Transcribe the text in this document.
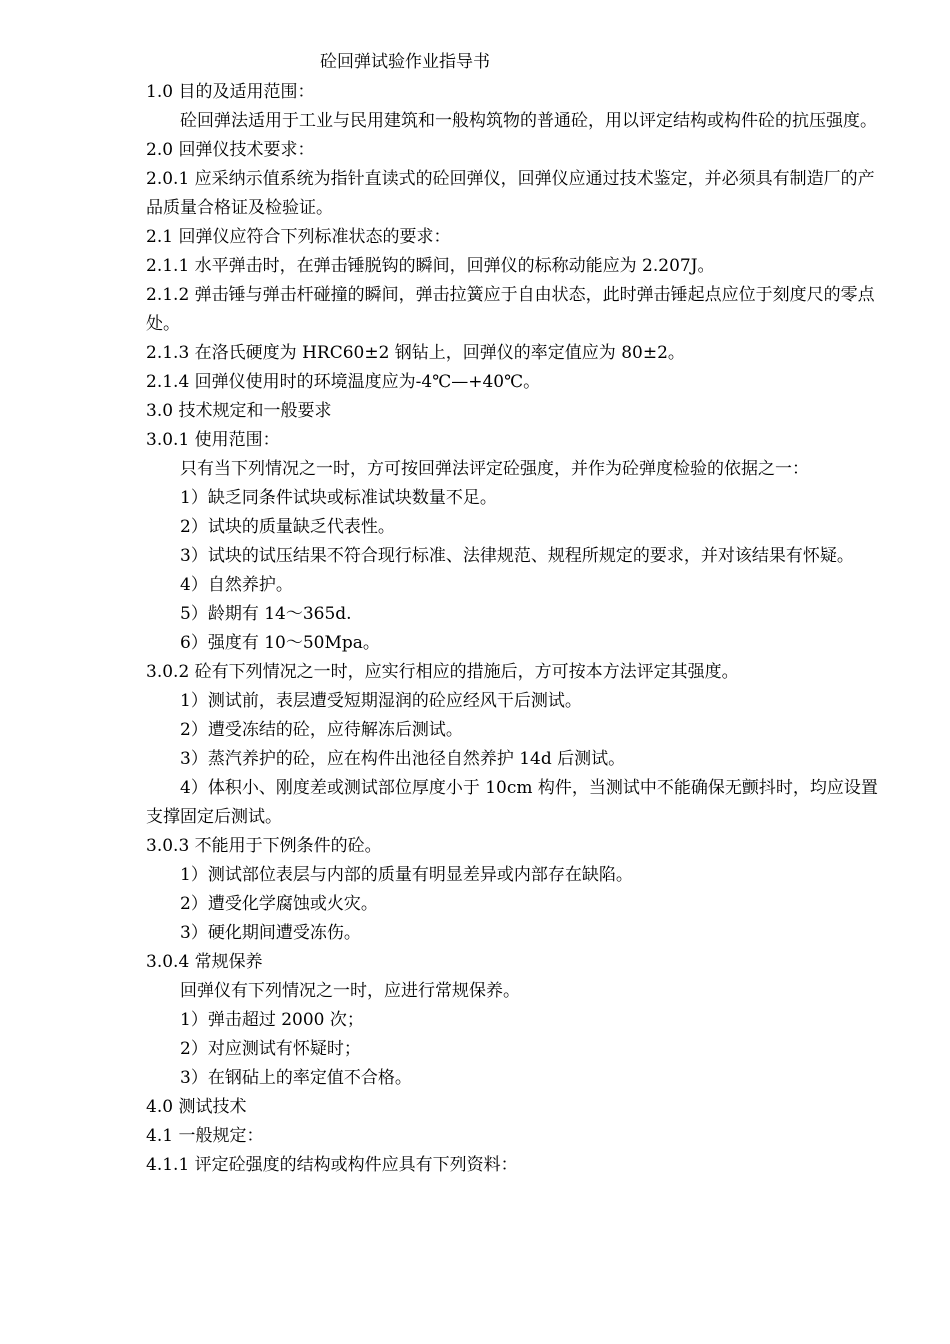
砼回弹试验作业指导书

1.0 目的及适用范围：

砼回弹法适用于工业与民用建筑和一般构筑物的普通砼，用以评定结构或构件砼的抗压强度。

2.0 回弹仪技术要求：

2.0.1 应采纳示值系统为指针直读式的砼回弹仪，回弹仪应通过技术鉴定，并必须具有制造厂的产品质量合格证及检验证。

2.1 回弹仪应符合下列标准状态的要求：

2.1.1 水平弹击时，在弹击锤脱钩的瞬间，回弹仪的标称动能应为 2.207J。

2.1.2 弹击锤与弹击杆碰撞的瞬间，弹击拉簧应于自由状态，此时弹击锤起点应位于刻度尺的零点处。

2.1.3 在洛氏硬度为 HRC60±2 钢钻上，回弹仪的率定值应为 80±2。

2.1.4 回弹仪使用时的环境温度应为-4℃—+40℃。

3.0 技术规定和一般要求

3.0.1 使用范围：

只有当下列情况之一时，方可按回弹法评定砼强度，并作为砼弹度检验的依据之一：

1）缺乏同条件试块或标准试块数量不足。

2）试块的质量缺乏代表性。

3）试块的试压结果不符合现行标准、法律规范、规程所规定的要求，并对该结果有怀疑。

4）自然养护。

5）龄期有 14～365d.

6）强度有 10～50Mpa。

3.0.2 砼有下列情况之一时，应实行相应的措施后，方可按本方法评定其强度。

1）测试前，表层遭受短期湿润的砼应经风干后测试。

2）遭受冻结的砼，应待解冻后测试。

3）蒸汽养护的砼，应在构件出池径自然养护 14d 后测试。

4）体积小、刚度差或测试部位厚度小于 10cm 构件，当测试中不能确保无颤抖时，均应设置支撑固定后测试。

3.0.3 不能用于下例条件的砼。

1）测试部位表层与内部的质量有明显差异或内部存在缺陷。

2）遭受化学腐蚀或火灾。

3）硬化期间遭受冻伤。

3.0.4 常规保养

回弹仪有下列情况之一时，应进行常规保养。

1）弹击超过 2000 次；

2）对应测试有怀疑时；

3）在钢砧上的率定值不合格。

4.0 测试技术

4.1 一般规定：

4.1.1 评定砼强度的结构或构件应具有下列资料：
